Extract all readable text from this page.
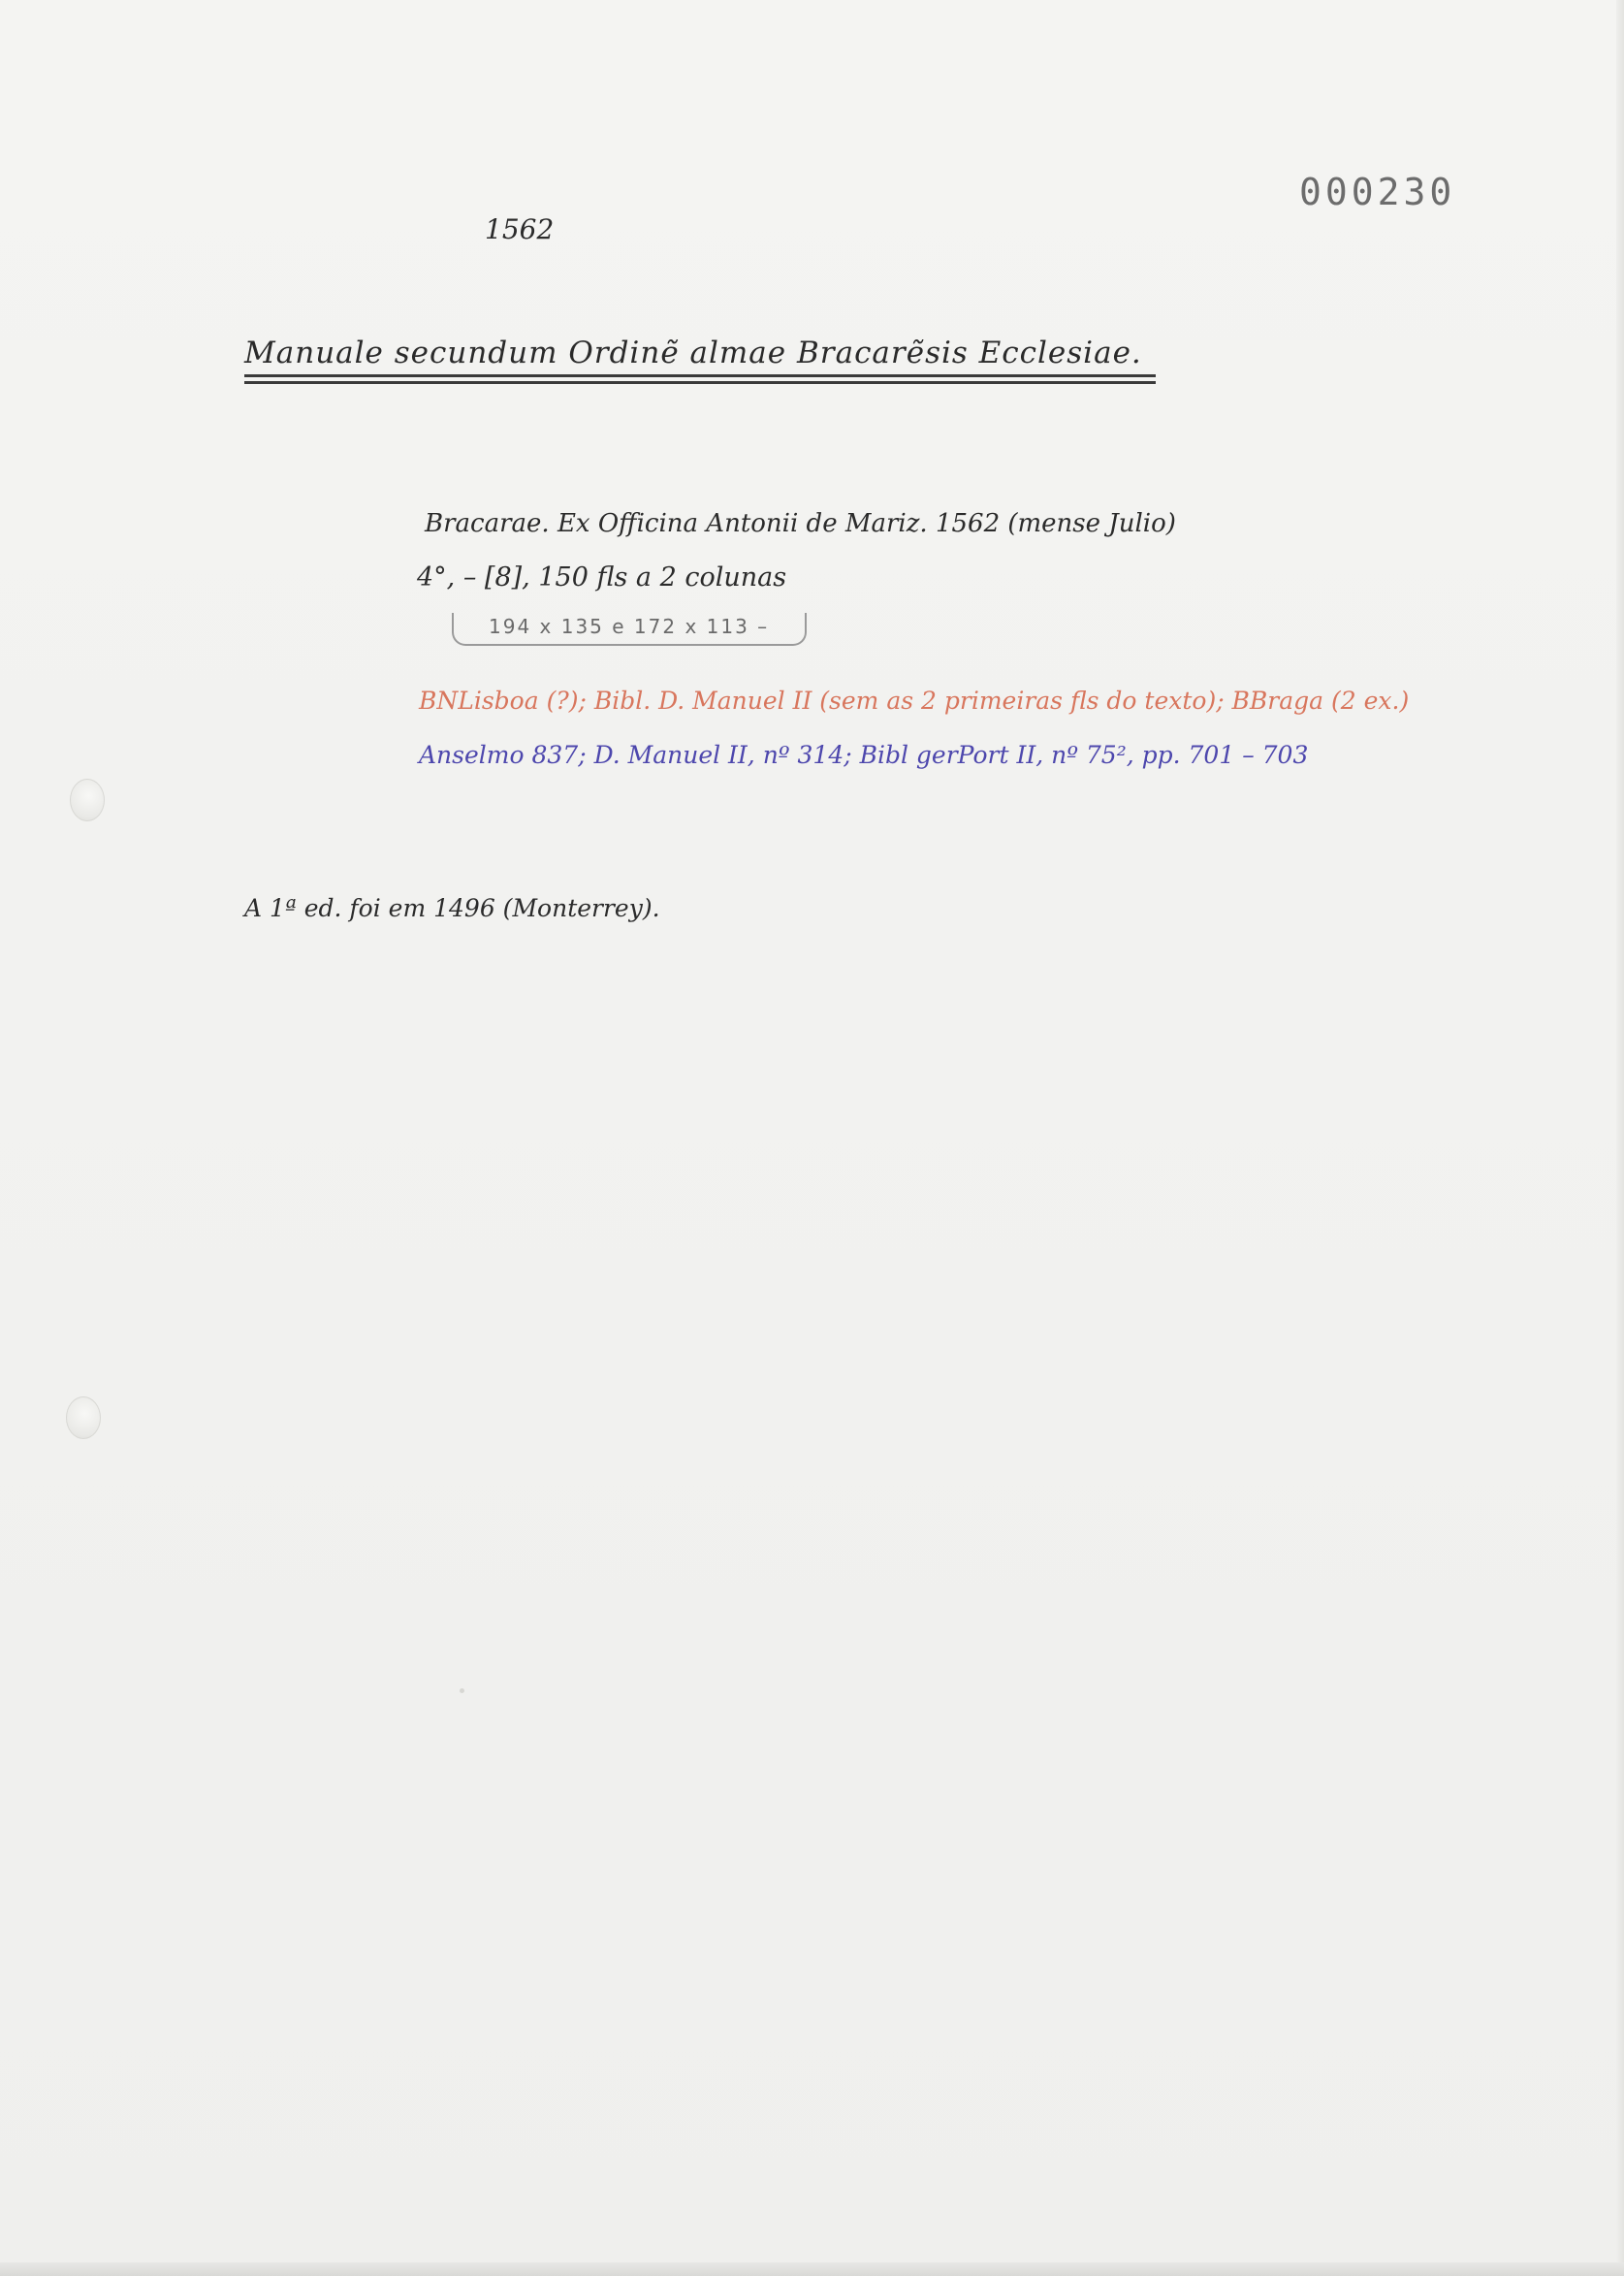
000230
1562
Manuale secundum Ordinẽ almae Bracarẽsis Ecclesiae.
Bracarae. Ex Officina Antonii de Mariz. 1562 (mense Julio)
4°, – [8], 150 fls a 2 colunas
194 x 135 e 172 x 113 –
BNLisboa (?); Bibl. D. Manuel II (sem as 2 primeiras fls do texto); BBraga (2 ex.)
Anselmo 837; D. Manuel II, nº 314; Bibl gerPort II, nº 75², pp. 701 – 703
A 1ª ed. foi em 1496 (Monterrey).
